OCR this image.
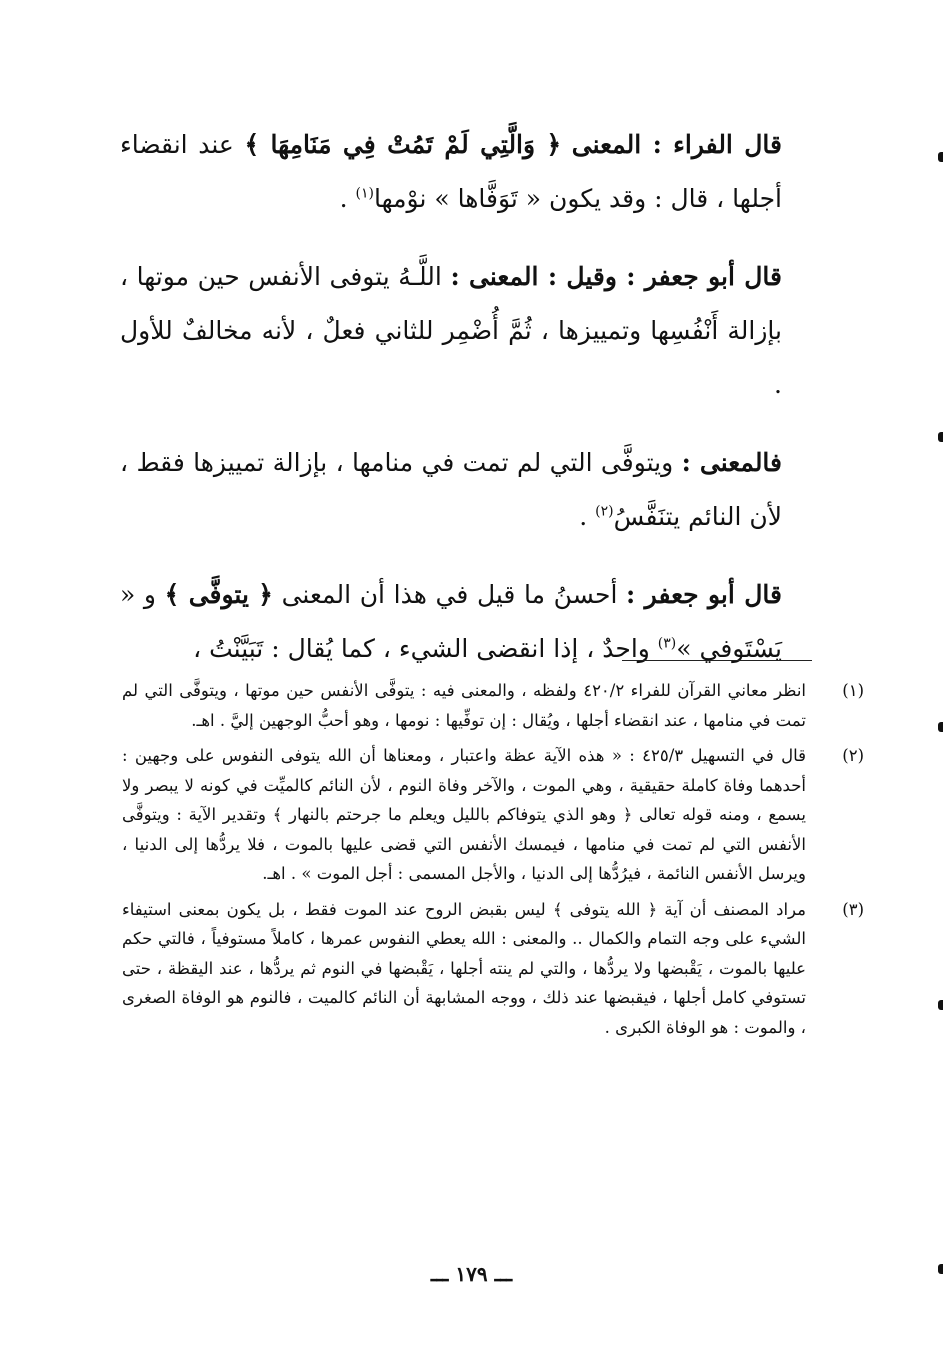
قال الفراء : المعنى ﴿ وَالَّتِي لَمْ تَمُتْ فِي مَنَامِهَا ﴾ عند انقضاء أجلها ، قال : وقد يكون « تَوَفَّاها » نوْمها$^{(١)}$ .

قال أبو جعفر : وقيل : المعنى : اللَّـهُ يتوفى الأنفس حين موتها ، بإزالة أَنْفُسِها وتمييزها ، ثُمَّ أُضْمِر للثاني فعلٌ ، لأنه مخالفٌ للأول .

فالمعنى : ويتوفَّى التي لم تمت في منامها ، بإزالة تمييزها فقط ، لأن النائم يتنَفَّسُ$^{(٢)}$ .

قال أبو جعفر : أحسنُ ما قيل في هذا أن المعنى ﴿ يتوفَّى ﴾ و « يَسْتَوفي »$^{(٣)}$ واحدٌ ، إذا انقضى الشيء ، كما يُقال : تَبَيَّنْتُ ،

(١)
انظر معاني القرآن للفراء ٤٢٠/٢ ولفظه ، والمعنى فيه : يتوفَّى الأنفس حين موتها ، ويتوفَّى التي لم تمت في منامها ، عند انقضاء أجلها ، ويُقال : إن توفِّيها : نومها ، وهو أحبُّ الوجهين إليَّ . اهـ.
(٢)
قال في التسهيل ٤٢٥/٣ : « هذه الآية عظة واعتبار ، ومعناها أن الله يتوفى النفوس على وجهين : أحدهما وفاة كاملة حقيقية ، وهي الموت ، والآخر وفاة النوم ، لأن النائم كالميِّت في كونه لا يبصر ولا يسمع ، ومنه قوله تعالى ﴿ وهو الذي يتوفاكم بالليل ويعلم ما جرحتم بالنهار ﴾ وتقدير الآية : ويتوفَّى الأنفس التي لم تمت في منامها ، فيمسك الأنفس التي قضى عليها بالموت ، فلا يردُّها إلى الدنيا ، ويرسل الأنفس النائمة ، فيرُدُّها إلى الدنيا ، والأجل المسمى : أجل الموت » . اهـ.
(٣)
مراد المصنف أن آية ﴿ الله يتوفى ﴾ ليس بقبض الروح عند الموت فقط ، بل يكون بمعنى استيفاء الشيء على وجه التمام والكمال .. والمعنى : الله يعطي النفوس عمرها ، كاملاً مستوفياً ، فالتي حكم عليها بالموت ، يَقْبضها ولا يردُّها ، والتي لم ينته أجلها ، يَقْبضها في النوم ثم يردُّها ، عند اليقظة ، حتى تستوفي كامل أجلها ، فيقبضها عند ذلك ، ووجه المشابهة أن النائم كالميت ، فالنوم هو الوفاة الصغرى ، والموت : هو الوفاة الكبرى .
ـــ ١٧٩ ـــ
